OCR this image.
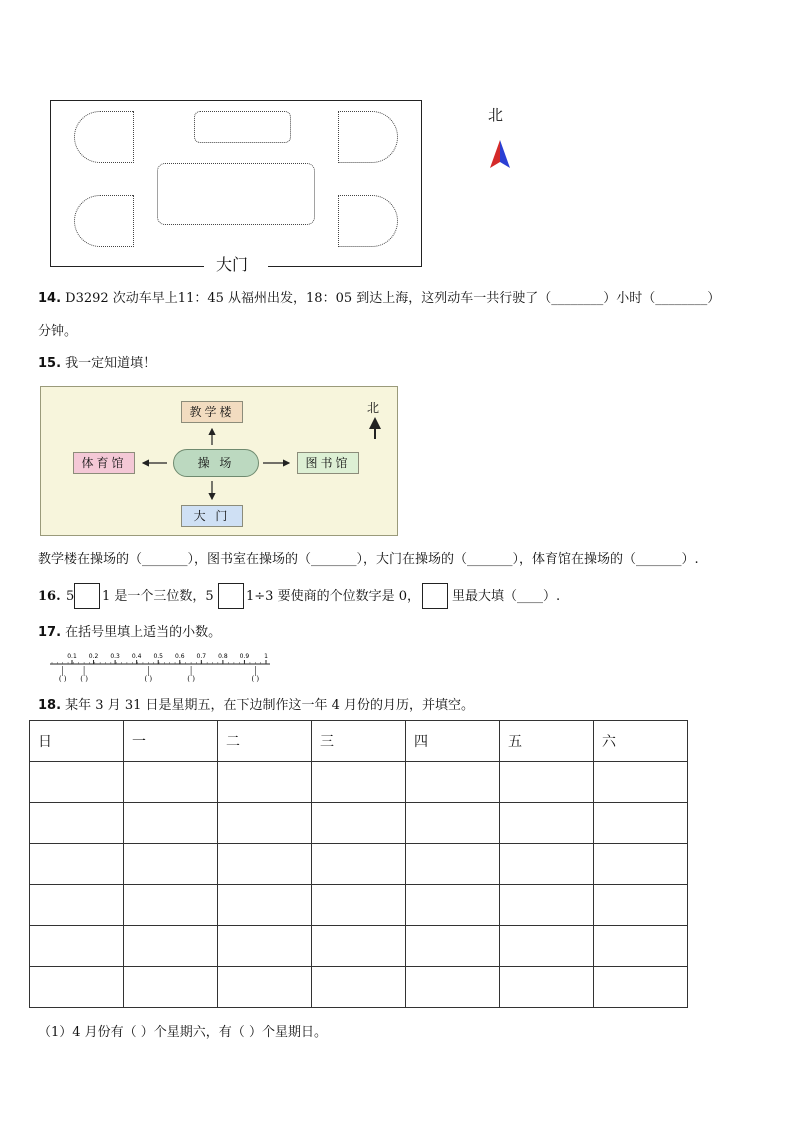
大门
北
14. D3292 次动车早上11：45 从福州出发，18：05 到达上海，这列动车一共行驶了（________）小时（________）
分钟。
15. 我一定知道填！
教学楼
操 场
体育馆	图书馆
大 门
北
教学楼在操场的（_______），图书室在操场的（_______），大门在操场的（_______），体育馆在操场的（_______）.
16. 5 1 是一个三位数，5 1÷3 要使商的个位数字是 0， 里最大填（____）.
17. 在括号里填上适当的小数。
0.1 0.2 0.3 0.4 0.5 0.6 0.7 0.8 0.9 1
( ) ( )	( )	( )	( )
18. 某年 3 月 31 日是星期五，在下边制作这一年 4 月份的月历，并填空。
日	一	二	三	四	五	六

（1）4 月份有（ ）个星期六，有（ ）个星期日。
